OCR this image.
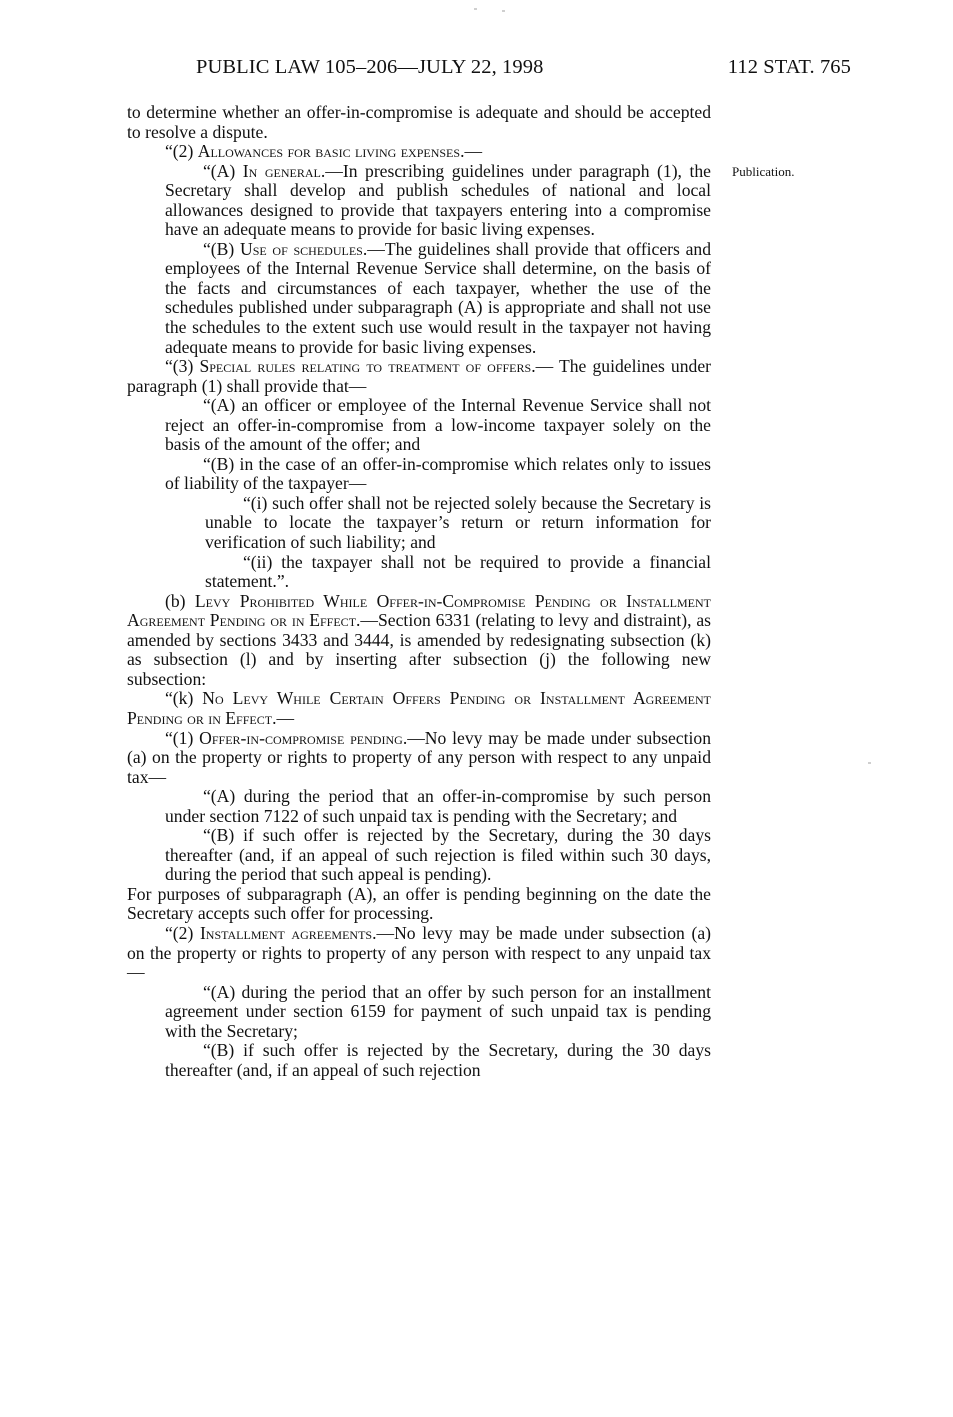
PUBLIC LAW 105–206—JULY 22, 1998	112 STAT. 765
Publication.

to determine whether an offer-in-compromise is adequate and should be accepted to resolve a dispute.

“(2) Allowances for basic living expenses.—

“(A) In general.—In prescribing guidelines under paragraph (1), the Secretary shall develop and publish schedules of national and local allowances designed to provide that taxpayers entering into a compromise have an adequate means to provide for basic living expenses.

“(B) Use of schedules.—The guidelines shall provide that officers and employees of the Internal Revenue Service shall determine, on the basis of the facts and circumstances of each taxpayer, whether the use of the schedules published under subparagraph (A) is appropriate and shall not use the schedules to the extent such use would result in the taxpayer not having adequate means to provide for basic living expenses.

“(3) Special rules relating to treatment of offers.— The guidelines under paragraph (1) shall provide that—

“(A) an officer or employee of the Internal Revenue Service shall not reject an offer-in-compromise from a low-income taxpayer solely on the basis of the amount of the offer; and

“(B) in the case of an offer-in-compromise which relates only to issues of liability of the taxpayer—

“(i) such offer shall not be rejected solely because the Secretary is unable to locate the taxpayer’s return or return information for verification of such liability; and

“(ii) the taxpayer shall not be required to provide a financial statement.”.

(b) Levy Prohibited While Offer-in-Compromise Pending or Installment Agreement Pending or in Effect.—Section 6331 (relating to levy and distraint), as amended by sections 3433 and 3444, is amended by redesignating subsection (k) as subsection (l) and by inserting after subsection (j) the following new subsection:

“(k) No Levy While Certain Offers Pending or Installment Agreement Pending or in Effect.—

“(1) Offer-in-compromise pending.—No levy may be made under subsection (a) on the property or rights to property of any person with respect to any unpaid tax—

“(A) during the period that an offer-in-compromise by such person under section 7122 of such unpaid tax is pending with the Secretary; and

“(B) if such offer is rejected by the Secretary, during the 30 days thereafter (and, if an appeal of such rejection is filed within such 30 days, during the period that such appeal is pending).

For purposes of subparagraph (A), an offer is pending beginning on the date the Secretary accepts such offer for processing.

“(2) Installment agreements.—No levy may be made under subsection (a) on the property or rights to property of any person with respect to any unpaid tax—

“(A) during the period that an offer by such person for an installment agreement under section 6159 for payment of such unpaid tax is pending with the Secretary;

“(B) if such offer is rejected by the Secretary, during the 30 days thereafter (and, if an appeal of such rejection
